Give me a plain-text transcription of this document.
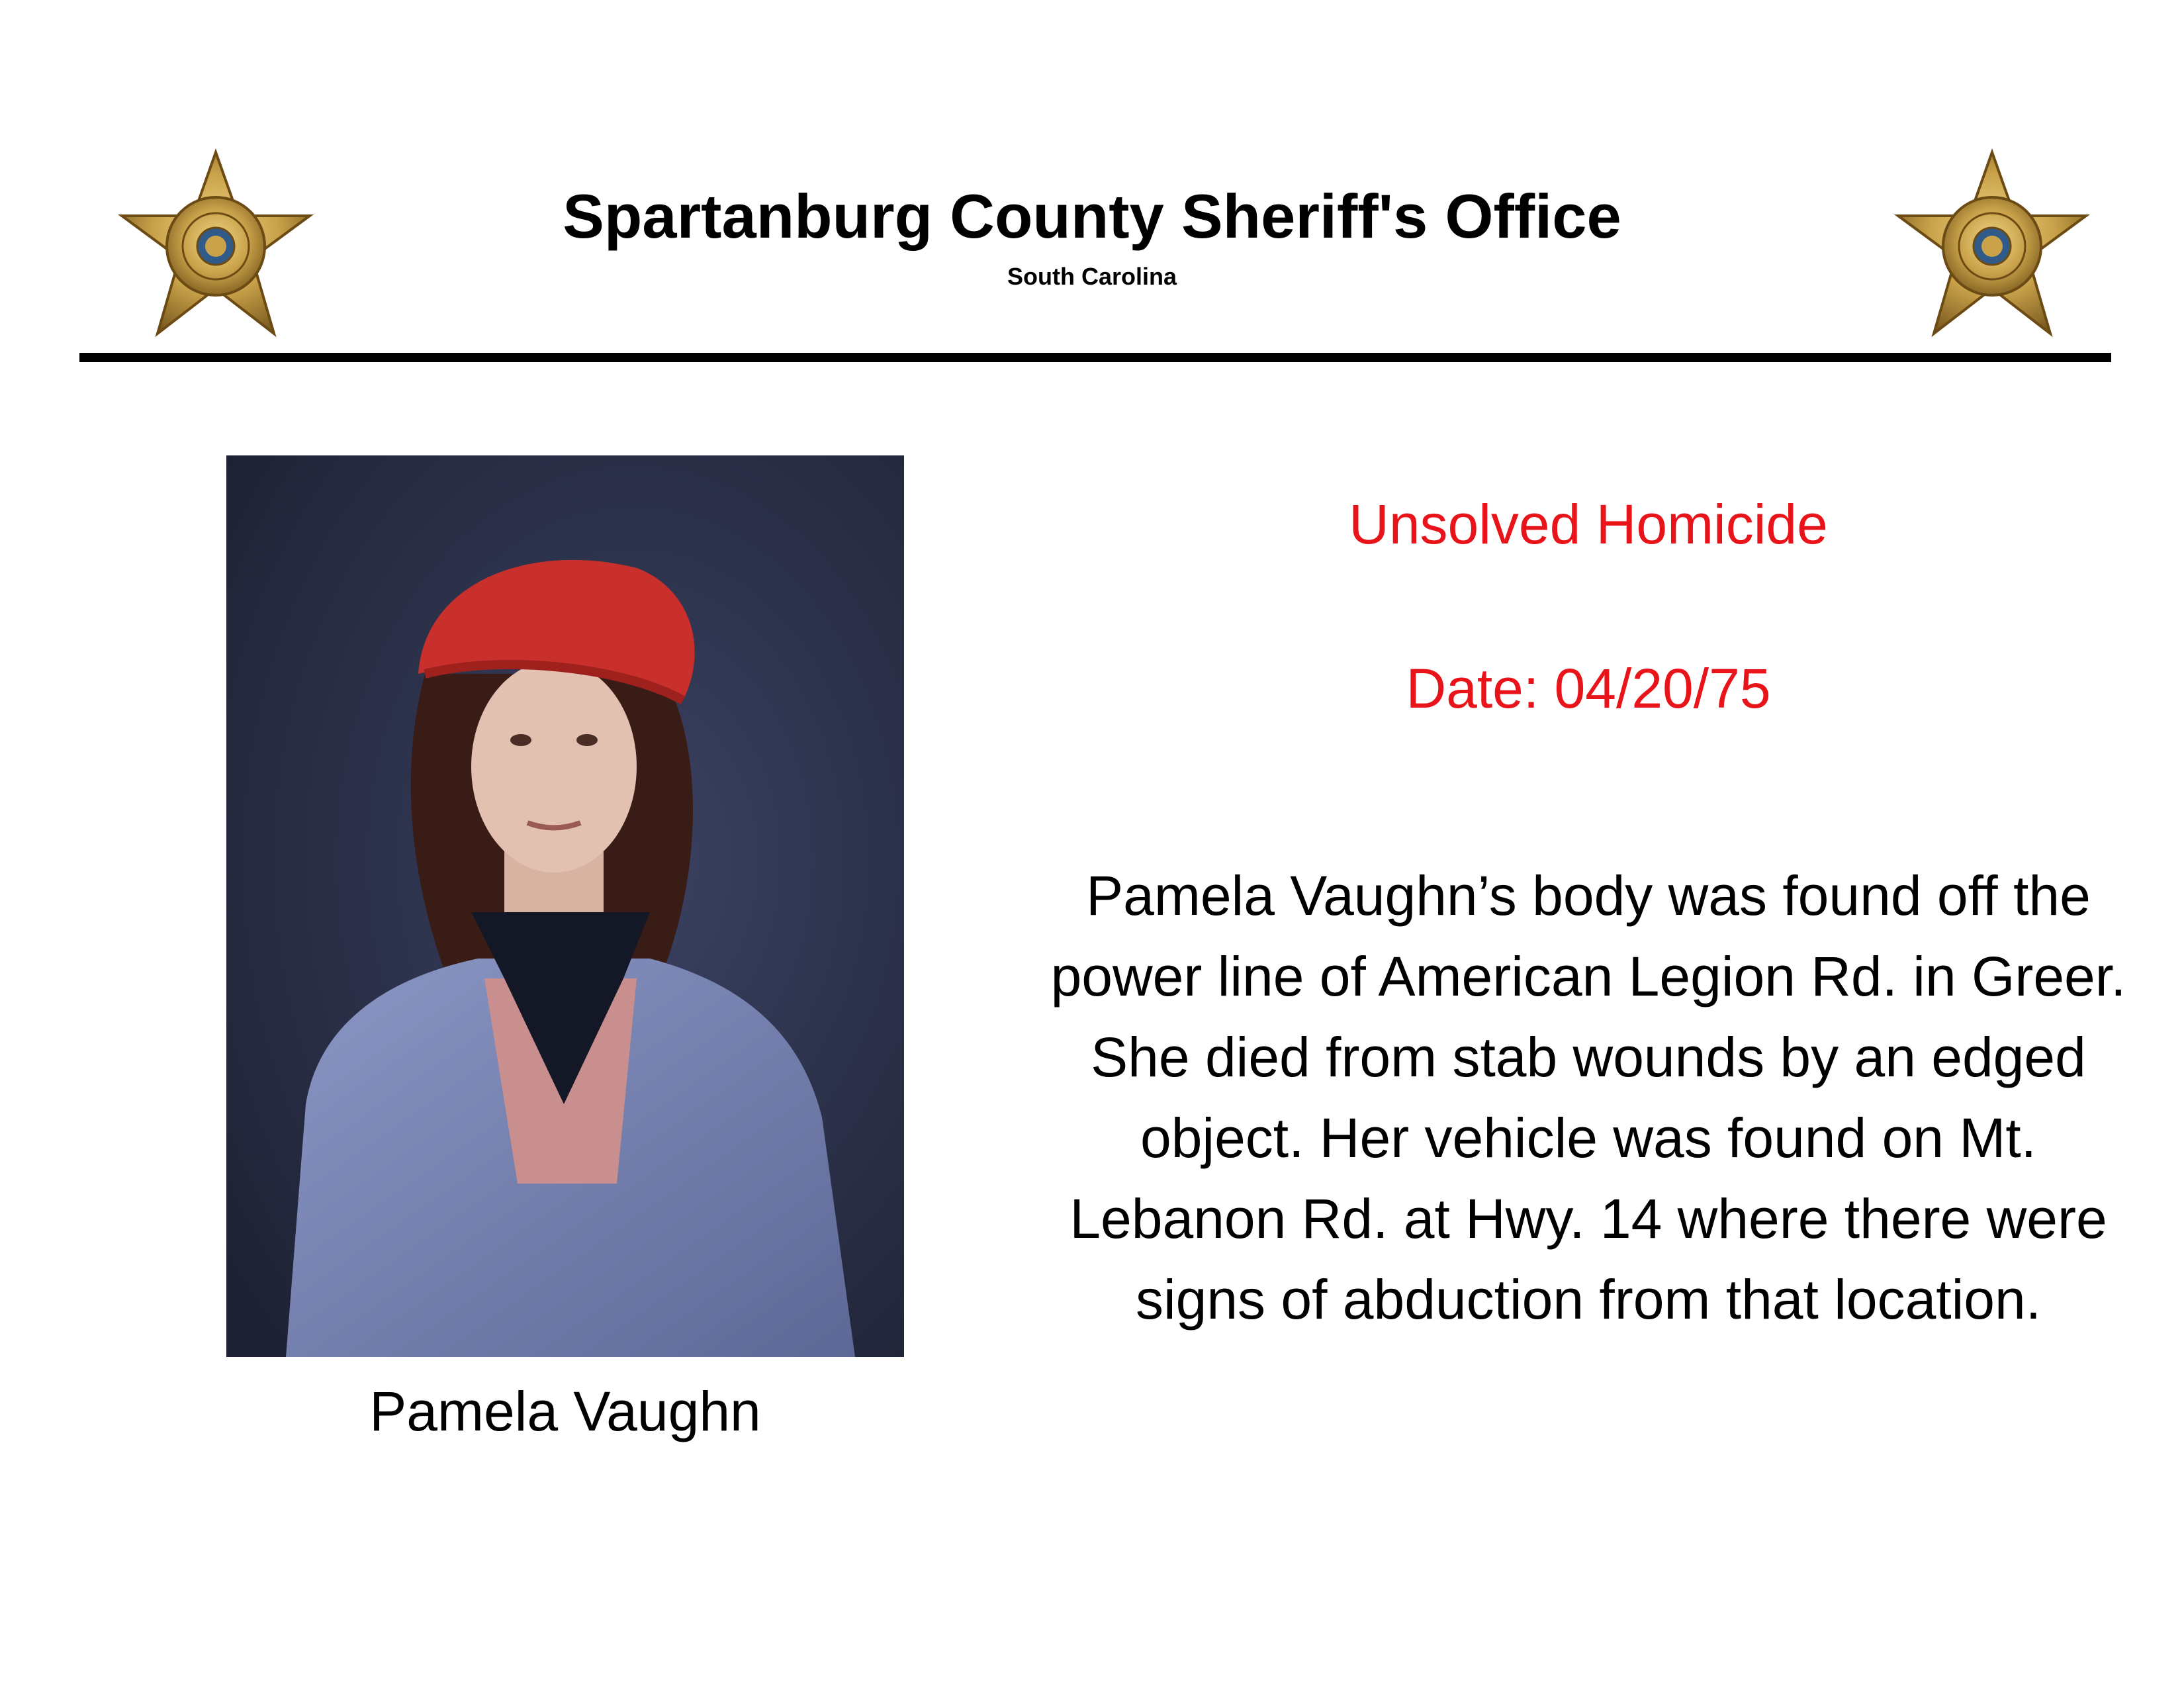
Spartanburg County Sheriff's Office
South Carolina
Pamela Vaughn
Unsolved Homicide
Date: 04/20/75

Pamela Vaughn’s body was found off the power line of American Legion Rd. in Greer. She died from stab wounds by an edged object. Her vehicle was found on Mt. Lebanon Rd. at Hwy. 14 where there were signs of abduction from that location.
